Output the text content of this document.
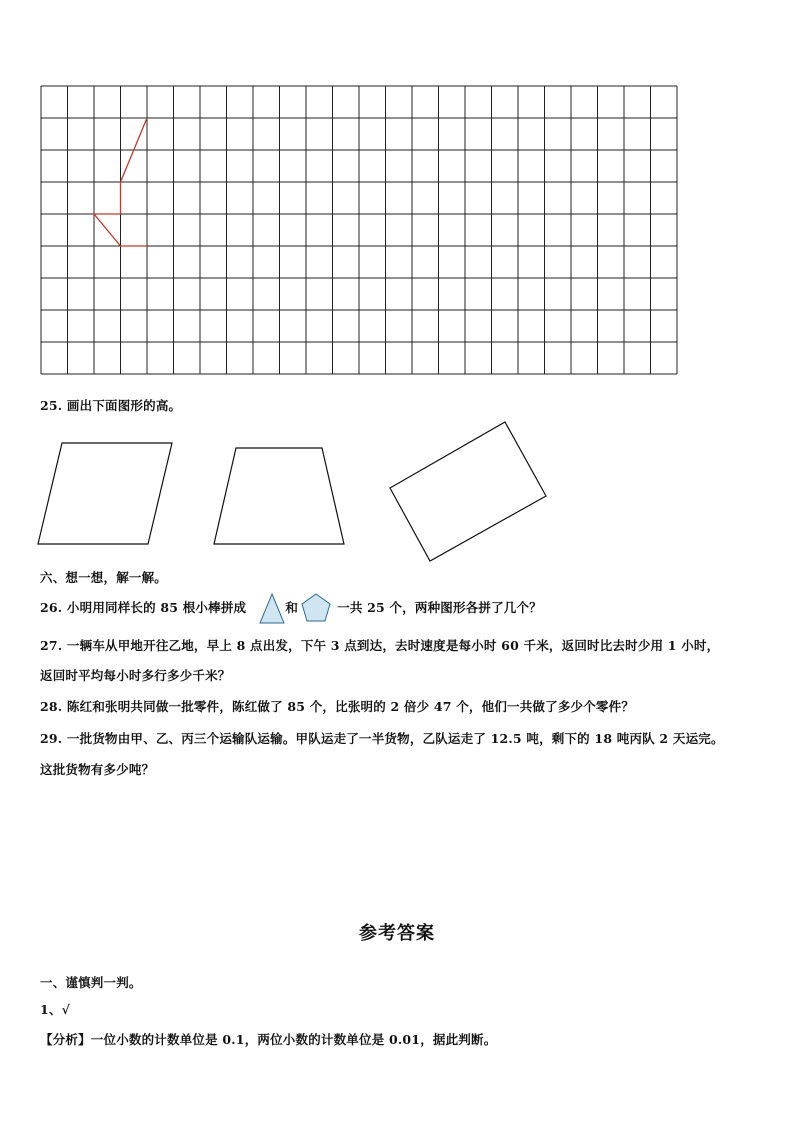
25. 画出下面图形的高。
六、想一想，解一解。
26. 小明用同样长的 85 根小棒拼成	和	一共 25 个，两种图形各拼了几个？
27. 一辆车从甲地开往乙地，早上 8 点出发，下午 3 点到达，去时速度是每小时 60 千米，返回时比去时少用 1 小时，
返回时平均每小时多行多少千米？
28. 陈红和张明共同做一批零件，陈红做了 85 个，比张明的 2 倍少 47 个，他们一共做了多少个零件？
29. 一批货物由甲、乙、丙三个运输队运输。甲队运走了一半货物，乙队运走了 12.5 吨，剩下的 18 吨丙队 2 天运完。
这批货物有多少吨？
参考答案
一、谨慎判一判。
1、√
【分析】一位小数的计数单位是 0.1，两位小数的计数单位是 0.01，据此判断。
